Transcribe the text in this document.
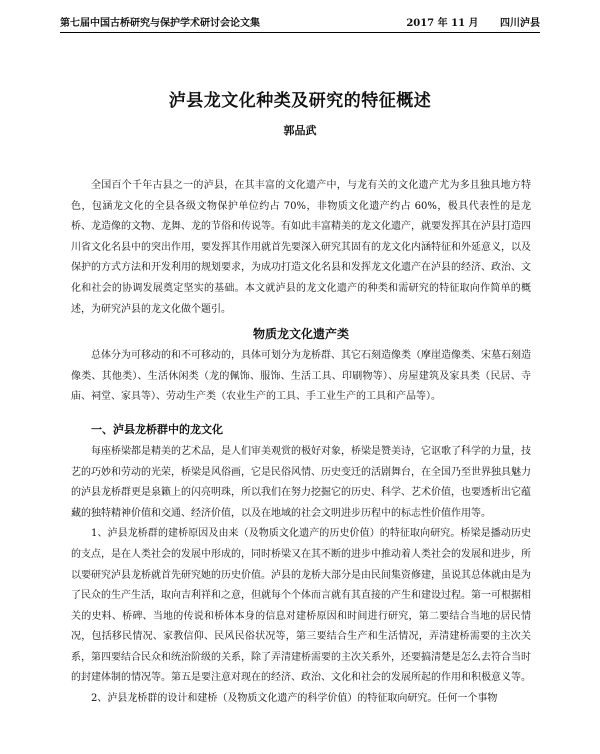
第七届中国古桥研究与保护学术研讨会论文集	2017 年 11 月 四川泸县
泸县龙文化种类及研究的特征概述
郭品武

全国百个千年古县之一的泸县，在其丰富的文化遗产中，与龙有关的文化遗产尤为多且独具地方特色，包涵龙文化的全县各级文物保护单位约占 70%，非物质文化遗产约占 60%，极具代表性的是龙桥、龙造像的文物、龙舞、龙的节俗和传说等。有如此丰富精美的龙文化遗产，就要发挥其在泸县打造四川省文化名县中的突出作用，要发挥其作用就首先要深入研究其固有的龙文化内涵特征和外延意义，以及保护的方式方法和开发利用的规划要求，为成功打造文化名县和发挥龙文化遗产在泸县的经济、政治、文化和社会的协调发展奠定坚实的基础。本文就泸县的龙文化遗产的种类和需研究的特征取向作简单的概述，为研究泸县的龙文化做个题引。

物质龙文化遗产类

总体分为可移动的和不可移动的，具体可划分为龙桥群、其它石刻造像类（摩崖造像类、宋墓石刻造像类、其他类）、生活休闲类（龙的佩饰、服饰、生活工具、印刷物等）、房屋建筑及家具类（民居、寺庙、祠堂、家具等）、劳动生产类（农业生产的工具、手工业生产的工具和产品等）。

一、泸县龙桥群中的龙文化

每座桥梁都是精美的艺术品，是人们审美观赏的极好对象，桥梁是赞美诗，它讴歌了科学的力量，技艺的巧妙和劳动的光荣，桥梁是风俗画，它是民俗风情、历史变迁的活剧舞台，在全国乃至世界独具魅力的泸县龙桥群更是泉籁上的闪亮明珠，所以我们在努力挖掘它的历史、科学、艺术价值，也要透析出它蕴藏的独特精神价值和交通、经济价值，以及在地域的社会文明进步历程中的标志性价值作用等。

1、泸县龙桥群的建桥原因及由来（及物质文化遗产的历史价值）的特征取向研究。桥梁是播动历史的支点，是在人类社会的发展中形成的，同时桥梁又在其不断的进步中推动着人类社会的发展和进步，所以要研究泸县龙桥就首先研究她的历史价值。泸县的龙桥大部分是由民间集资修建，虽说其总体就由是为了民众的生产生活，取向吉利祥和之意，但就每个个体而言就有其直接的产生和建设过程。第一可根据相关的史料、桥碑、当地的传说和桥体本身的信息对建桥原因和时间进行研究，第二要结合当地的居民情况，包括移民情况、家教信仰、民风民俗状况等，第三要结合生产和生活情况，弄清建桥需要的主次关系，第四要结合民众和统治阶级的关系，除了弄清建桥需要的主次关系外，还要搞清楚是怎么去符合当时的封建体制的情况等。第五是要注意对现在的经济、政治、文化和社会的发展所起的作用和积极意义等。

2、泸县龙桥群的设计和建桥（及物质文化遗产的科学价值）的特征取向研究。任何一个事物
